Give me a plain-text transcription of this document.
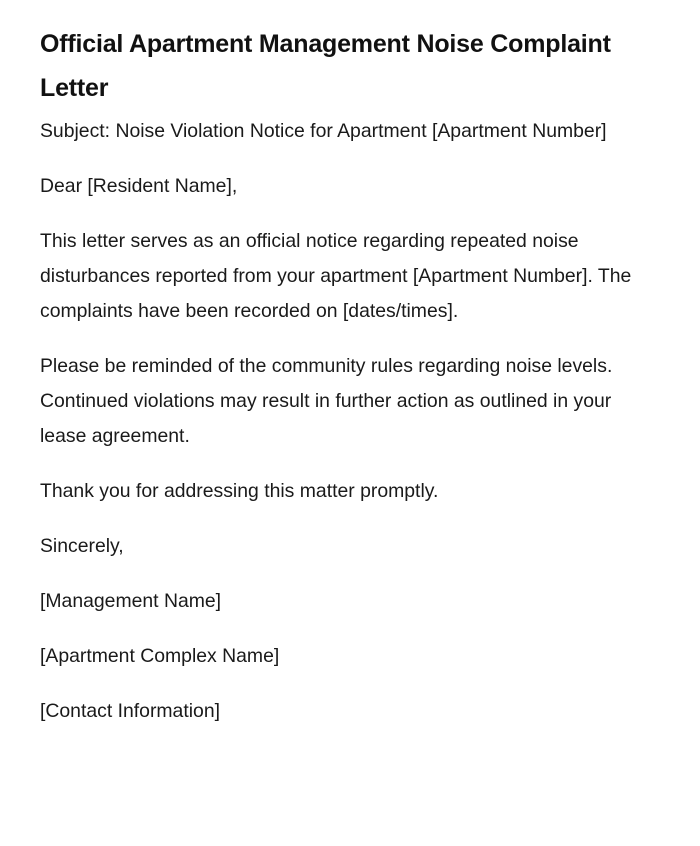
Official Apartment Management Noise Complaint Letter

Subject: Noise Violation Notice for Apartment [Apartment Number]

Dear [Resident Name],

This letter serves as an official notice regarding repeated noise disturbances reported from your apartment [Apartment Number]. The complaints have been recorded on [dates/times].

Please be reminded of the community rules regarding noise levels. Continued violations may result in further action as outlined in your lease agreement.

Thank you for addressing this matter promptly.

Sincerely,

[Management Name]

[Apartment Complex Name]

[Contact Information]
